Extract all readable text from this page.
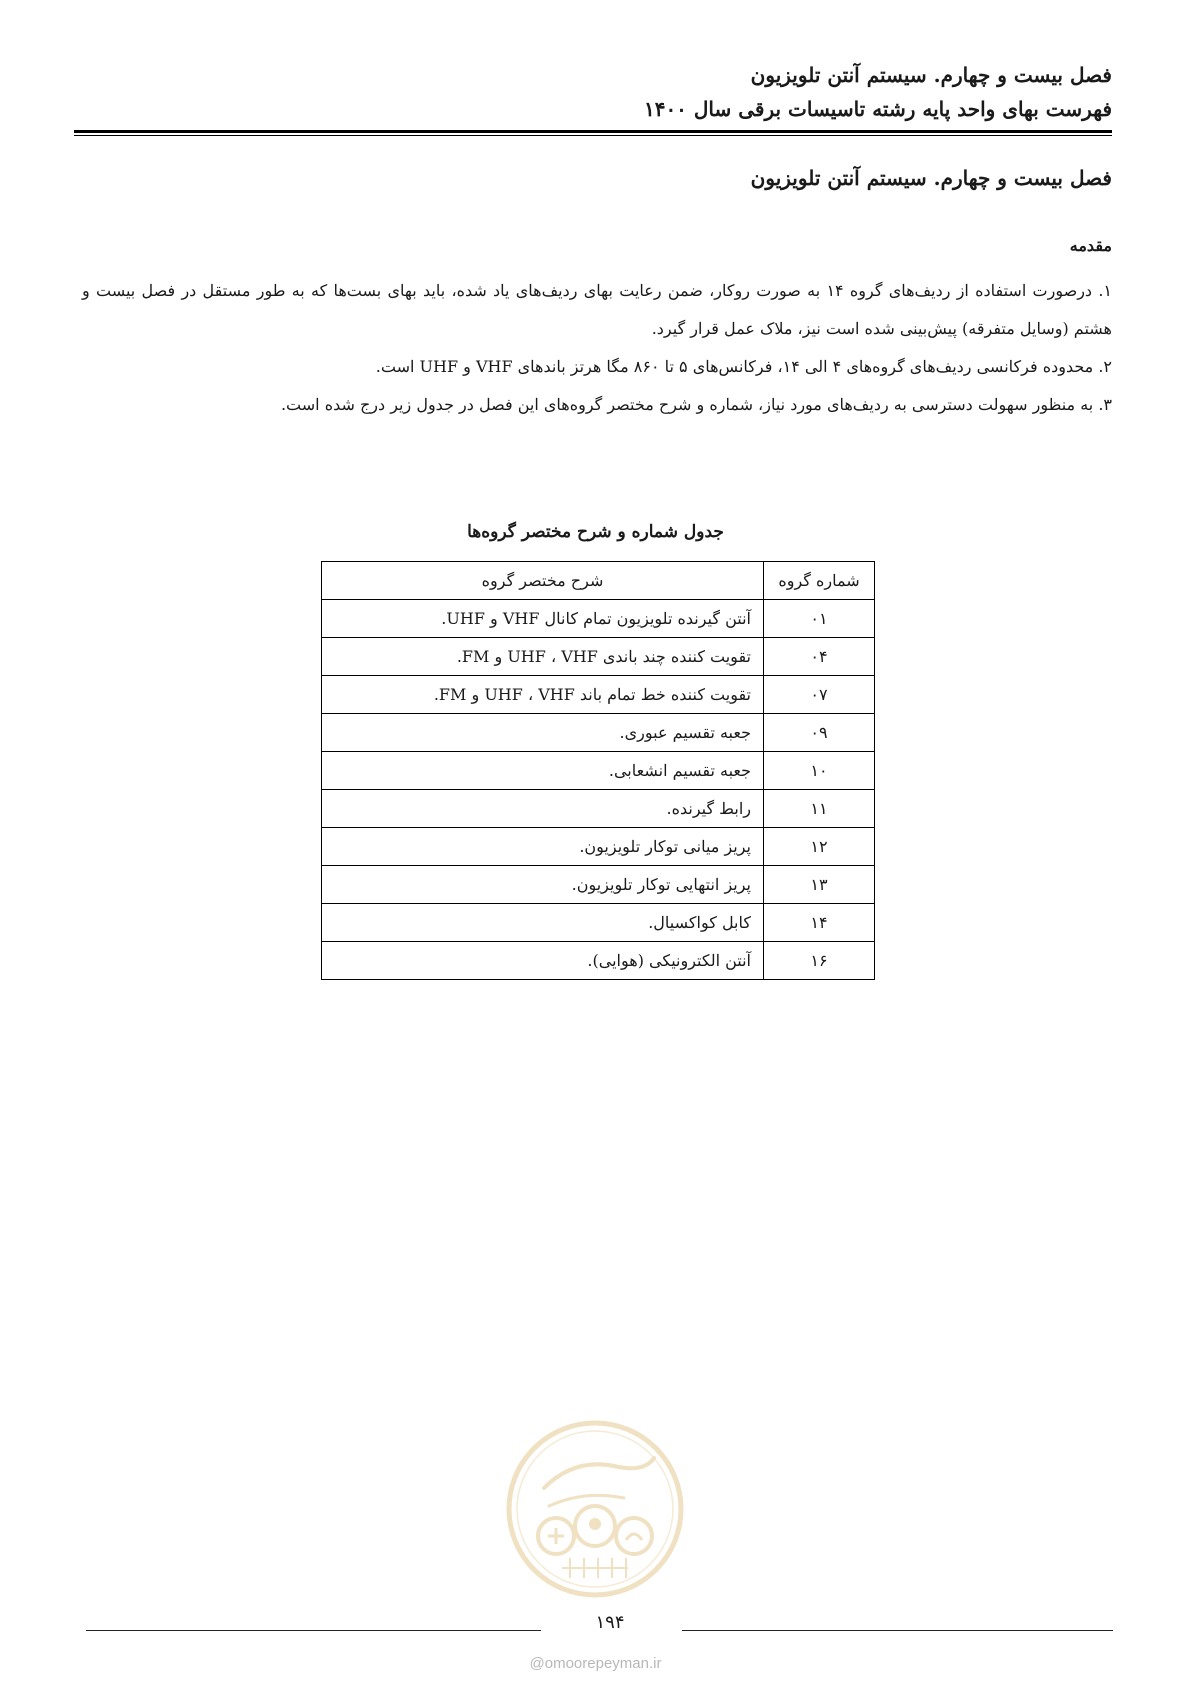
فصل بیست و چهارم. سیستم آنتن تلویزیون

فهرست بهای واحد پایه رشته تاسیسات برقی سال ۱۴۰۰

فصل بیست و چهارم. سیستم آنتن تلویزیون
مقدمه
۱. درصورت استفاده از ردیف‌های گروه ۱۴ به صورت روکار، ضمن رعایت بهای ردیف‌های یاد شده، باید بهای بست‌ها که به طور مستقل در فصل بیست و هشتم (وسایل متفرقه) پیش‌بینی شده است نیز، ملاک عمل قرار گیرد.
۲. محدوده فرکانسی ردیف‌های گروه‌های ۴ الی ۱۴، فرکانس‌های ۵ تا ۸۶۰ مگا هرتز باندهای VHF و UHF است.
۳. به منظور سهولت دسترسی به ردیف‌های مورد نیاز، شماره و شرح مختصر گروه‌های این فصل در جدول زیر درج شده است.

جدول شماره و شرح مختصر گروه‌ها

شماره گروه	شرح مختصر گروه
۰۱	آنتن گیرنده تلویزیون تمام کانال VHF و UHF.
۰۴	تقویت کننده چند باندی UHF ، VHF و FM.
۰۷	تقویت کننده خط تمام باند UHF ، VHF و FM.
۰۹	جعبه تقسیم عبوری.
۱۰	جعبه تقسیم انشعابی.
۱۱	رابط گیرنده.
۱۲	پریز میانی توکار تلویزیون.
۱۳	پریز انتهایی توکار تلویزیون.
۱۴	کابل کواکسیال.
۱۶	آنتن الکترونیکی (هوایی).

۱۹۴

@omoorepeyman.ir
